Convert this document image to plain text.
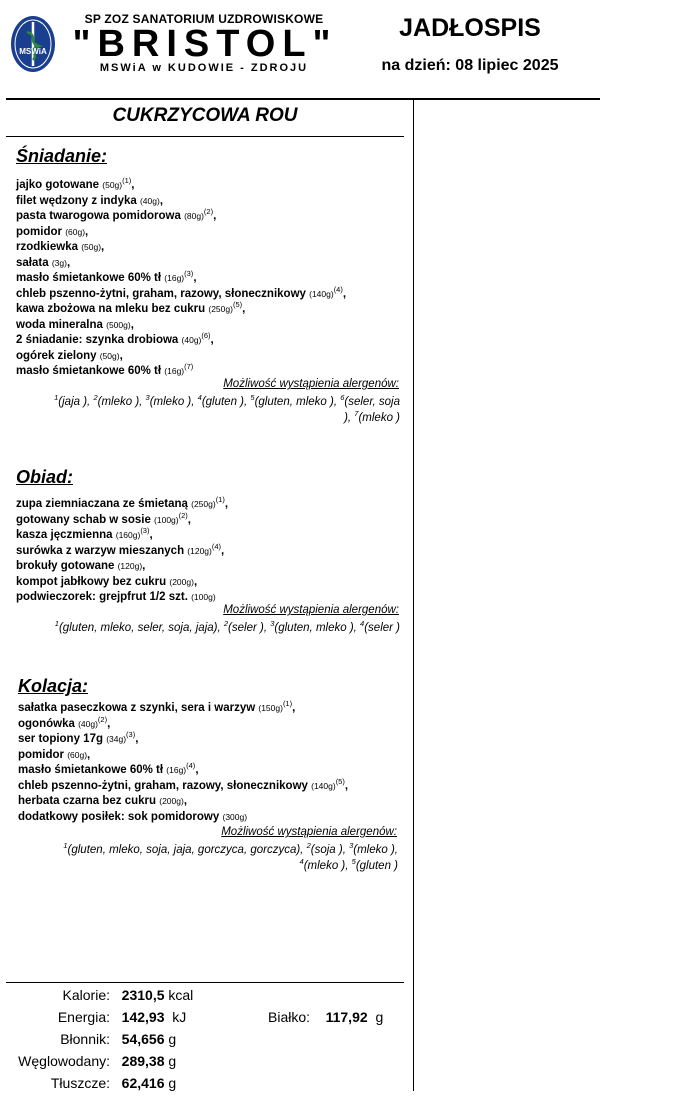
MSWiA
SP ZOZ SANATORIUM UZDROWISKOWE
"BRISTOL"
MSWiA w KUDOWIE - ZDROJU
JADŁOSPIS
na dzień: 08 lipiec 2025
CUKRZYCOWA ROU
Śniadanie:
jajko gotowane $(50g)^{(1)}$,
filet wędzony z indyka (40g),
pasta twarogowa pomidorowa $(80g)^{(2)}$,
pomidor (60g),
rzodkiewka (50g),
sałata (3g),
masło śmietankowe 60% tł $(16g)^{(3)}$,
chleb pszenno-żytni, graham, razowy, słonecznikowy $(140g)^{(4)}$,
kawa zbożowa na mleku bez cukru $(250g)^{(5)}$,
woda mineralna (500g),
2 śniadanie: szynka drobiowa $(40g)^{(6)}$,
ogórek zielony (50g),
masło śmietankowe 60% tł $(16g)^{(7)}$
Możliwość wystąpienia alergenów:
$^1$(jaja ), $^2$(mleko ), $^3$(mleko ), $^4$(gluten ), $^5$(gluten, mleko ), $^6$(seler, soja
), $^7$(mleko )
Obiad:
zupa ziemniaczana ze śmietaną $(250g)^{(1)}$,
gotowany schab w sosie $(100g)^{(2)}$,
kasza jęczmienna $(160g)^{(3)}$,
surówka z warzyw mieszanych $(120g)^{(4)}$,
brokuły gotowane (120g),
kompot jabłkowy bez cukru (200g),
podwieczorek: grejpfrut 1/2 szt. (100g)
Możliwość wystąpienia alergenów:
$^1$(gluten, mleko, seler, soja, jaja), $^2$(seler ), $^3$(gluten, mleko ), $^4$(seler )
Kolacja:
sałatka paseczkowa z szynki, sera i warzyw $(150g)^{(1)}$,
ogonówka $(40g)^{(2)}$,
ser topiony 17g $(34g)^{(3)}$,
pomidor (60g),
masło śmietankowe 60% tł $(16g)^{(4)}$,
chleb pszenno-żytni, graham, razowy, słonecznikowy $(140g)^{(5)}$,
herbata czarna bez cukru (200g),
dodatkowy posiłek: sok pomidorowy (300g)
Możliwość wystąpienia alergenów:
$^1$(gluten, mleko, soja, jaja, gorczyca, gorczyca), $^2$(soja ), $^3$(mleko ),
$^4$(mleko ), $^5$(gluten )
Kalorie: 2310,5 kcal
Energia: 142,93 kJ
Błonnik: 54,656 g
Węglowodany: 289,38 g
Tłuszcze: 62,416 g
Białko: 117,92 g
